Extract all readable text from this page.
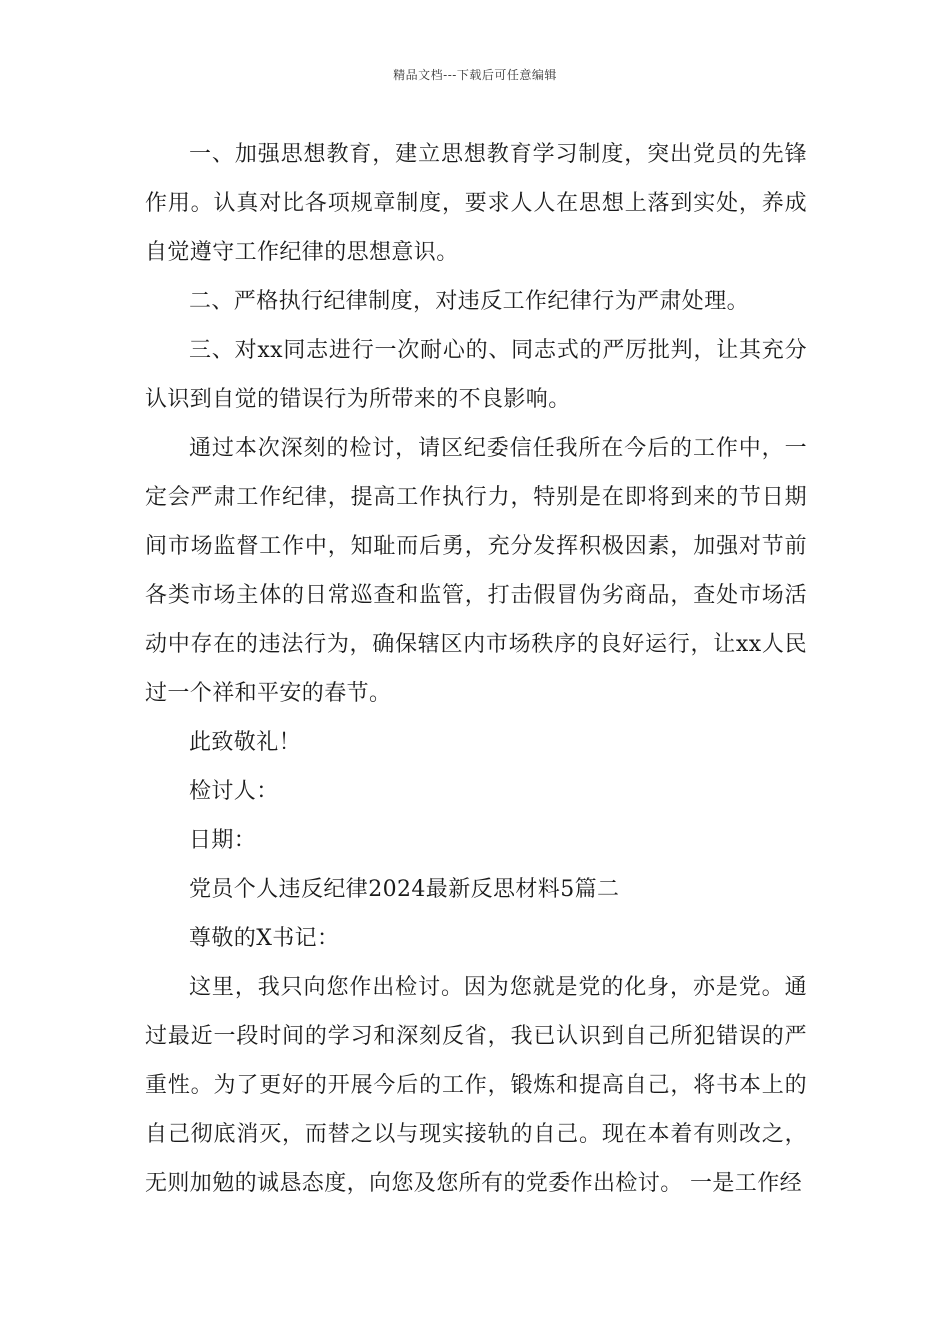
精品文档---下载后可任意编辑

一、加强思想教育，建立思想教育学习制度，突出党员的先锋作用。认真对比各项规章制度，要求人人在思想上落到实处，养成自觉遵守工作纪律的思想意识。

二、严格执行纪律制度，对违反工作纪律行为严肃处理。

三、对xx同志进行一次耐心的、同志式的严厉批判，让其充分认识到自觉的错误行为所带来的不良影响。

通过本次深刻的检讨，请区纪委信任我所在今后的工作中，一定会严肃工作纪律，提高工作执行力，特别是在即将到来的节日期间市场监督工作中，知耻而后勇，充分发挥积极因素，加强对节前各类市场主体的日常巡查和监管，打击假冒伪劣商品，查处市场活动中存在的违法行为，确保辖区内市场秩序的良好运行，让xx人民过一个祥和平安的春节。

此致敬礼！

检讨人：

日期：

党员个人违反纪律2024最新反思材料5篇二

尊敬的X书记：

这里，我只向您作出检讨。因为您就是党的化身，亦是党。通过最近一段时间的学习和深刻反省，我已认识到自己所犯错误的严重性。为了更好的开展今后的工作，锻炼和提高自己，将书本上的自己彻底消灭，而替之以与现实接轨的自己。现在本着有则改之，无则加勉的诚恳态度，向您及您所有的党委作出检讨。 一是工作经
